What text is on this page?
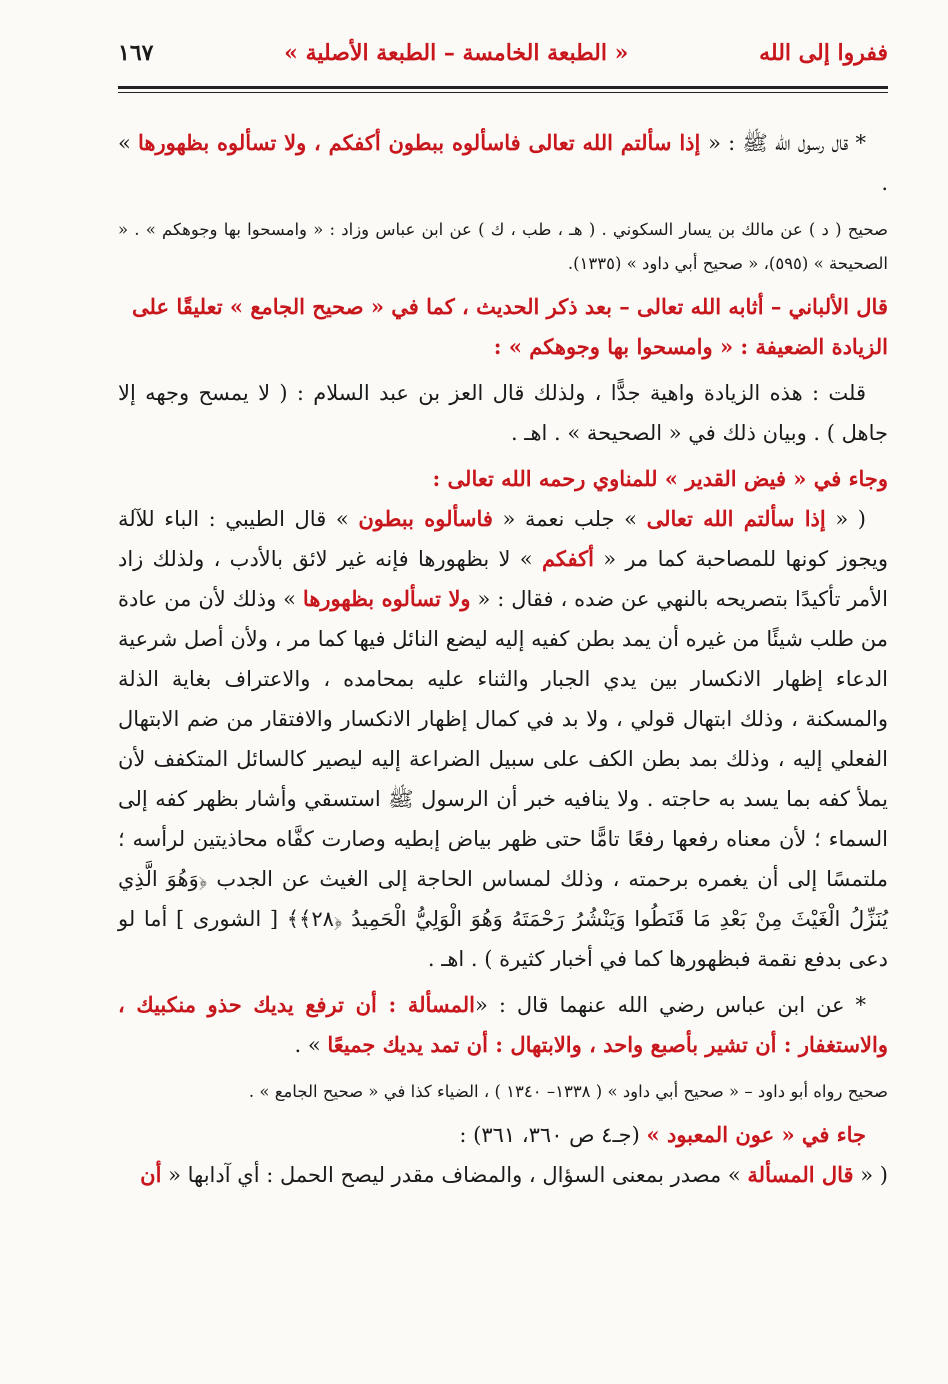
ففروا إلى الله
« الطبعة الخامسة – الطبعة الأصلية »
١٦٧

* قال رسول الله ﷺ : « إذا سألتم الله تعالى فاسألوه ببطون أكفكم ، ولا تسألوه بظهورها » .

صحيح ( د ) عن مالك بن يسار السكوني . ( هـ ، طب ، ك ) عن ابن عباس وزاد : « وامسحوا بها وجوهكم » . « الصحيحة » (٥٩٥)، « صحيح أبي داود » (١٣٣٥).

قال الألباني – أثابه الله تعالى – بعد ذكر الحديث ، كما في « صحيح الجامع » تعليقًا على الزيادة الضعيفة : « وامسحوا بها وجوهكم » :

قلت : هذه الزيادة واهية جدًّا ، ولذلك قال العز بن عبد السلام : ( لا يمسح وجهه إلا جاهل ) . وبيان ذلك في « الصحيحة » . اهـ .

وجاء في « فيض القدير » للمناوي رحمه الله تعالى :

( « إذا سألتم الله تعالى » جلب نعمة « فاسألوه ببطون » قال الطيبي : الباء للآلة ويجوز كونها للمصاحبة كما مر « أكفكم » لا بظهورها فإنه غير لائق بالأدب ، ولذلك زاد الأمر تأكيدًا بتصريحه بالنهي عن ضده ، فقال : « ولا تسألوه بظهورها » وذلك لأن من عادة من طلب شيئًا من غيره أن يمد بطن كفيه إليه ليضع النائل فيها كما مر ، ولأن أصل شرعية الدعاء إظهار الانكسار بين يدي الجبار والثناء عليه بمحامده ، والاعتراف بغاية الذلة والمسكنة ، وذلك ابتهال قولي ، ولا بد في كمال إظهار الانكسار والافتقار من ضم الابتهال الفعلي إليه ، وذلك بمد بطن الكف على سبيل الضراعة إليه ليصير كالسائل المتكفف لأن يملأ كفه بما يسد به حاجته . ولا ينافيه خبر أن الرسول ﷺ استسقي وأشار بظهر كفه إلى السماء ؛ لأن معناه رفعها رفعًا تامًّا حتى ظهر بياض إبطيه وصارت كفَّاه محاذيتين لرأسه ؛ ملتمسًا إلى أن يغمره برحمته ، وذلك لمساس الحاجة إلى الغيث عن الجدب ﴿وَهُوَ الَّذِي يُنَزِّلُ الْغَيْثَ مِنْ بَعْدِ مَا قَنَطُوا وَيَنْشُرُ رَحْمَتَهُ وَهُوَ الْوَلِيُّ الْحَمِيدُ ﴿٢٨﴾﴾ [ الشورى ] أما لو دعى بدفع نقمة فبظهورها كما في أخبار كثيرة ) . اهـ .

* عن ابن عباس رضي الله عنهما قال : «المسألة : أن ترفع يديك حذو منكبيك ، والاستغفار : أن تشير بأصبع واحد ، والابتهال : أن تمد يديك جميعًا » .

صحيح رواه أبو داود – « صحيح أبي داود » ( ١٣٣٨– ١٣٤٠ ) ، الضياء كذا في « صحيح الجامع » .

جاء في « عون المعبود » (جـ٤ ص ٣٦٠، ٣٦١) :

( « قال المسألة » مصدر بمعنى السؤال ، والمضاف مقدر ليصح الحمل : أي آدابها « أن
